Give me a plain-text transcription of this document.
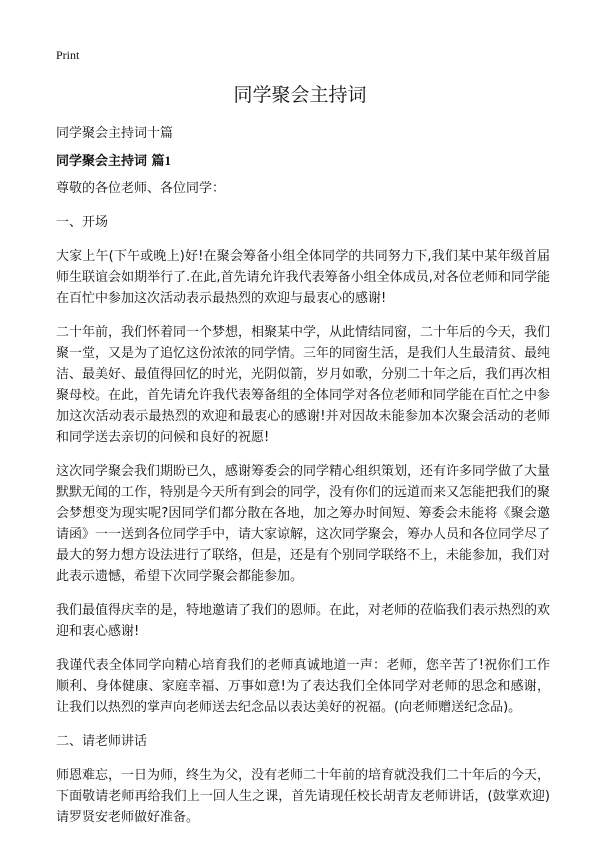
Print
同学聚会主持词

同学聚会主持词十篇

同学聚会主持词 篇1

尊敬的各位老师、各位同学：

一、开场

大家上午(下午或晚上)好!在聚会筹备小组全体同学的共同努力下,我们某中某年级首届师生联谊会如期举行了.在此,首先请允许我代表筹备小组全体成员,对各位老师和同学能在百忙中参加这次活动表示最热烈的欢迎与最衷心的感谢!

二十年前，我们怀着同一个梦想，相聚某中学，从此情结同窗，二十年后的今天，我们聚一堂，又是为了追忆这份浓浓的同学情。三年的同窗生活，是我们人生最清贫、最纯洁、最美好、最值得回忆的时光，光阴似箭，岁月如歌，分别二十年之后，我们再次相聚母校。在此，首先请允许我代表筹备组的全体同学对各位老师和同学能在百忙之中参加这次活动表示最热烈的欢迎和最衷心的感谢!并对因故未能参加本次聚会活动的老师和同学送去亲切的问候和良好的祝愿!

这次同学聚会我们期盼已久，感谢筹委会的同学精心组织策划，还有许多同学做了大量默默无闻的工作，特别是今天所有到会的同学，没有你们的远道而来又怎能把我们的聚会梦想变为现实呢?因同学们都分散在各地，加之筹办时间短、筹委会未能将《聚会邀请函》一一送到各位同学手中，请大家谅解，这次同学聚会，筹办人员和各位同学尽了最大的努力想方设法进行了联络，但是，还是有个别同学联络不上，未能参加，我们对此表示遗憾，希望下次同学聚会都能参加。

我们最值得庆幸的是，特地邀请了我们的恩师。在此，对老师的莅临我们表示热烈的欢迎和衷心感谢!

我谨代表全体同学向精心培育我们的老师真诚地道一声：老师，您辛苦了!祝你们工作顺利、身体健康、家庭幸福、万事如意!为了表达我们全体同学对老师的思念和感谢，让我们以热烈的掌声向老师送去纪念品以表达美好的祝福。(向老师赠送纪念品)。

二、请老师讲话

师恩难忘，一日为师，终生为父，没有老师二十年前的培育就没我们二十年后的今天，下面敬请老师再给我们上一回人生之课，首先请现任校长胡青友老师讲话，(鼓掌欢迎)请罗贤安老师做好准备。
